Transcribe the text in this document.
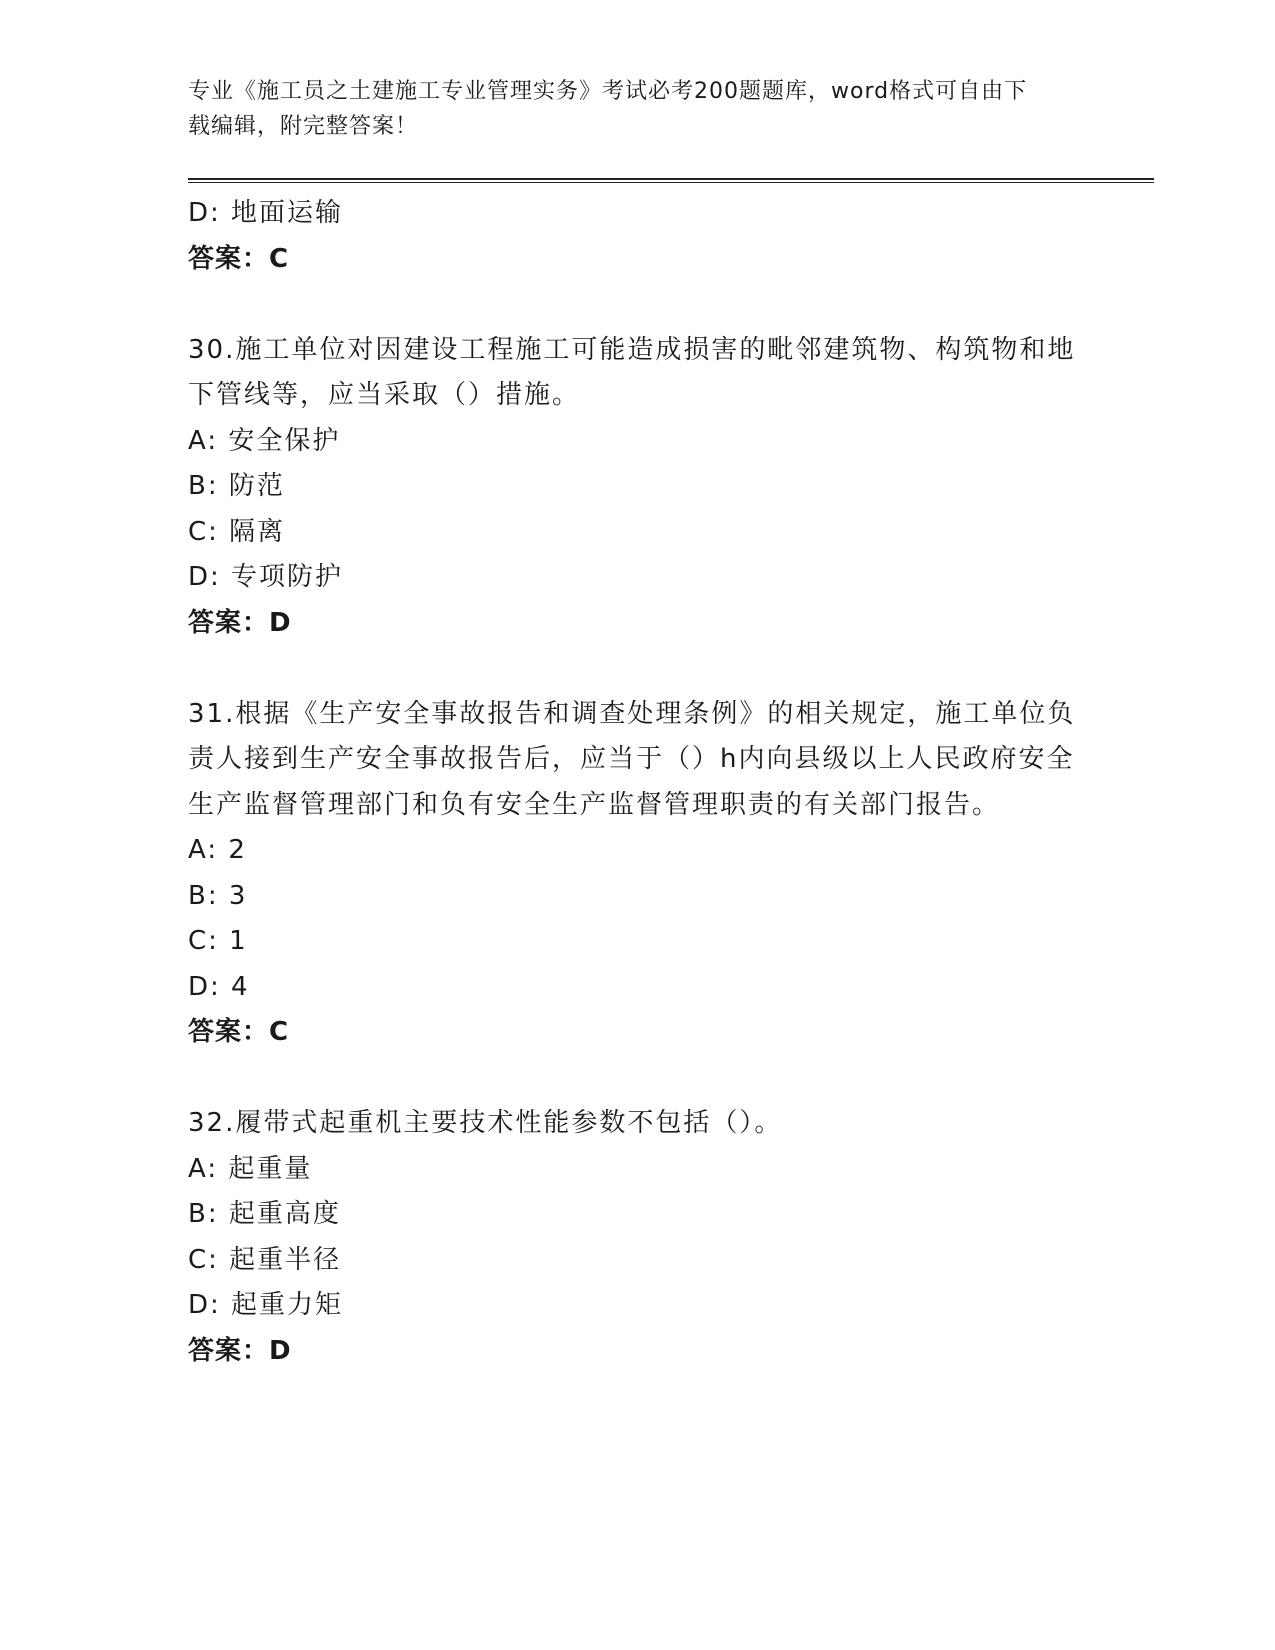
专业《施工员之土建施工专业管理实务》考试必考200题题库，word格式可自由下载编辑，附完整答案！
D: 地面运输
答案：C
30.施工单位对因建设工程施工可能造成损害的毗邻建筑物、构筑物和地下管线等，应当采取（）措施。
A: 安全保护
B: 防范
C: 隔离
D: 专项防护
答案：D
31.根据《生产安全事故报告和调查处理条例》的相关规定，施工单位负责人接到生产安全事故报告后，应当于（）h内向县级以上人民政府安全生产监督管理部门和负有安全生产监督管理职责的有关部门报告。
A: 2
B: 3
C: 1
D: 4
答案：C
32.履带式起重机主要技术性能参数不包括（）。
A: 起重量
B: 起重高度
C: 起重半径
D: 起重力矩
答案：D
